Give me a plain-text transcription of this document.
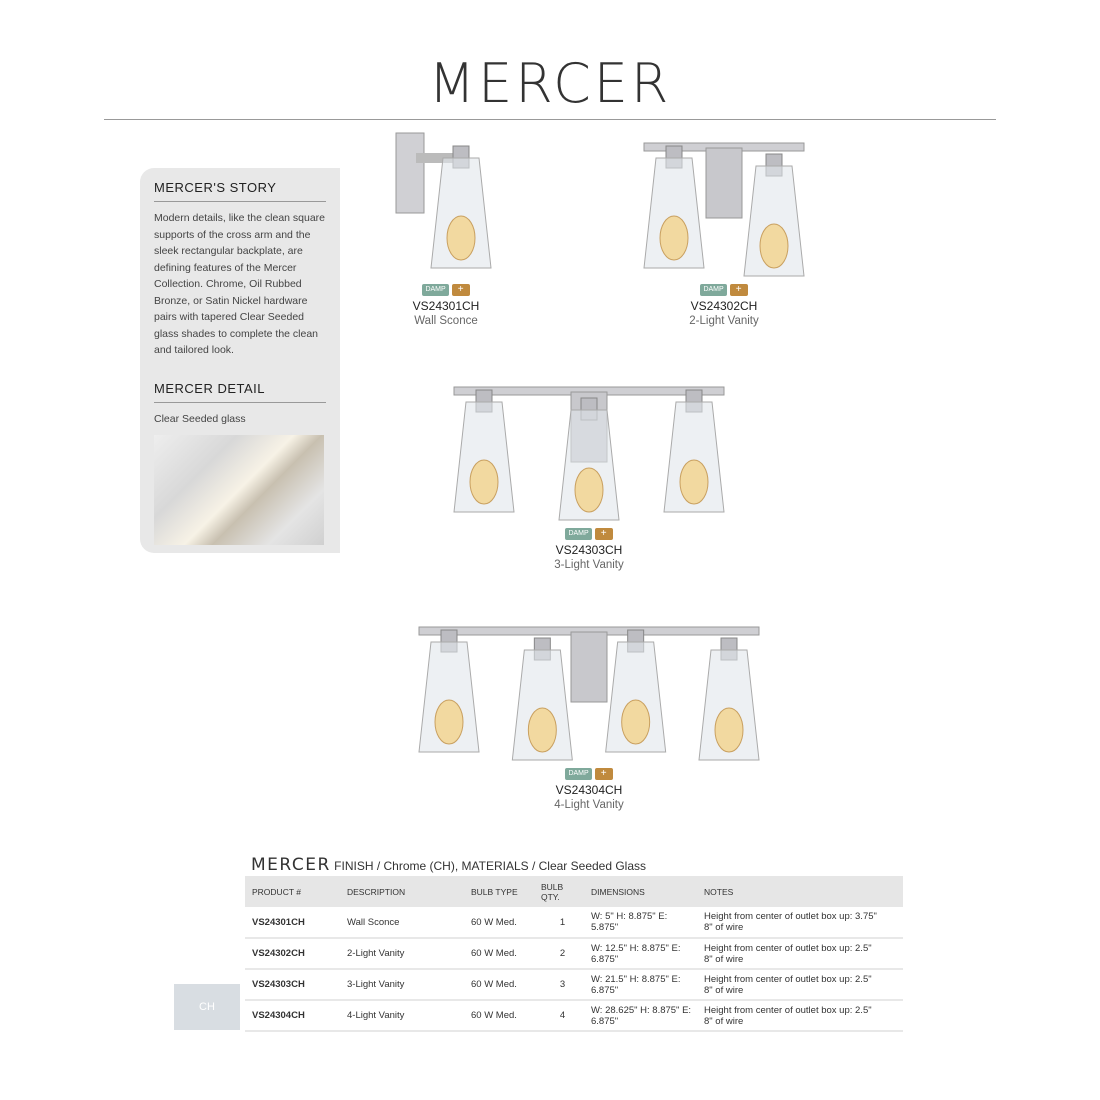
MERCER
MERCER'S STORY

Modern details, like the clean square supports of the cross arm and the sleek rectangular backplate, are defining features of the Mercer Collection. Chrome, Oil Rubbed Bronze, or Satin Nickel hardware pairs with tapered Clear Seeded glass shades to complete the clean and tailored look.

MERCER DETAIL

Clear Seeded glass

DAMP	+
VS24301CH
Wall Sconce
DAMP	+
VS24302CH
2-Light Vanity
DAMP	+
VS24303CH
3-Light Vanity
DAMP	+
VS24304CH
4-Light Vanity
MERCER FINISH / Chrome (CH), MATERIALS / Clear Seeded Glass
PRODUCT #	DESCRIPTION	BULB TYPE	BULB QTY.	DIMENSIONS	NOTES
VS24301CH	Wall Sconce	60 W Med.	1	W: 5" H: 8.875" E: 5.875"	Height from center of outlet box up: 3.75"
8" of wire
VS24302CH	2-Light Vanity	60 W Med.	2	W: 12.5" H: 8.875" E: 6.875"	Height from center of outlet box up: 2.5"
8" of wire
VS24303CH	3-Light Vanity	60 W Med.	3	W: 21.5" H: 8.875" E: 6.875"	Height from center of outlet box up: 2.5"
8" of wire
VS24304CH	4-Light Vanity	60 W Med.	4	W: 28.625" H: 8.875" E: 6.875"	Height from center of outlet box up: 2.5"
8" of wire
CH
